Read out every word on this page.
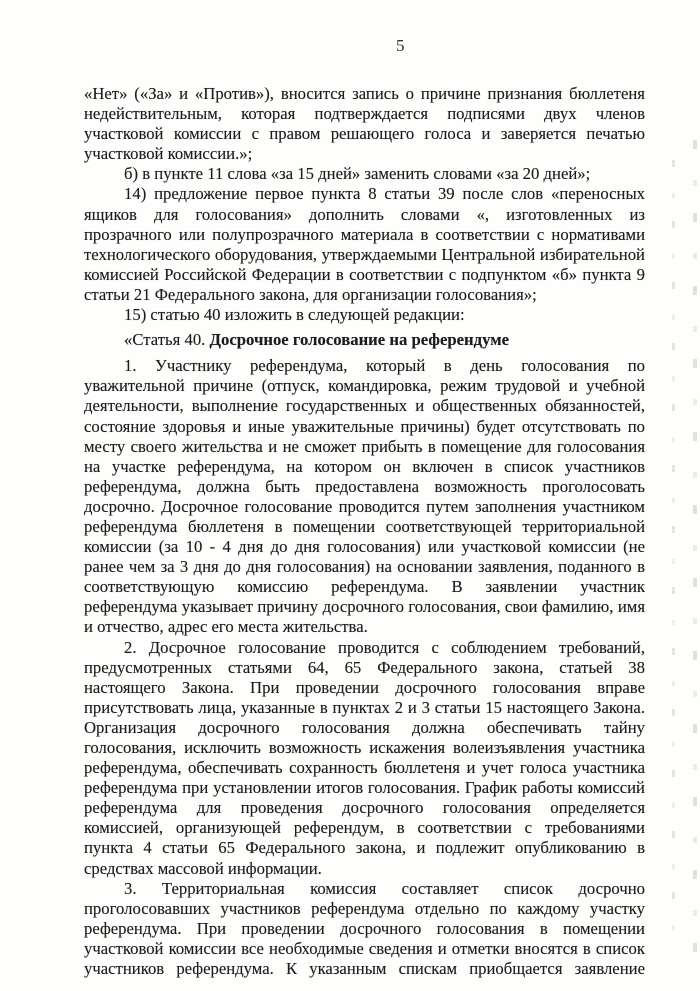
5

«Нет» («За» и «Против»), вносится запись о причине признания бюллетеня недействительным, которая подтверждается подписями двух членов участковой комиссии с правом решающего голоса и заверяется печатью участковой комиссии.»;

б) в пункте 11 слова «за 15 дней» заменить словами «за 20 дней»;

14) предложение первое пункта 8 статьи 39 после слов «переносных ящиков для голосования» дополнить словами «, изготовленных из прозрачного или полупрозрачного материала в соответствии с нормативами технологического оборудования, утверждаемыми Центральной избирательной комиссией Российской Федерации в соответствии с подпунктом «б» пункта 9 статьи 21 Федерального закона, для организации голосования»;

15) статью 40 изложить в следующей редакции:

«Статья 40. Досрочное голосование на референдуме

1. Участнику референдума, который в день голосования по уважительной причине (отпуск, командировка, режим трудовой и учебной деятельности, выполнение государственных и общественных обязанностей, состояние здоровья и иные уважительные причины) будет отсутствовать по месту своего жительства и не сможет прибыть в помещение для голосования на участке референдума, на котором он включен в список участников референдума, должна быть предоставлена возможность проголосовать досрочно. Досрочное голосование проводится путем заполнения участником референдума бюллетеня в помещении соответствующей территориальной комиссии (за 10 - 4 дня до дня голосования) или участковой комиссии (не ранее чем за 3 дня до дня голосования) на основании заявления, поданного в соответствующую комиссию референдума. В заявлении участник референдума указывает причину досрочного голосования, свои фамилию, имя и отчество, адрес его места жительства.

2. Досрочное голосование проводится с соблюдением требований, предусмотренных статьями 64, 65 Федерального закона, статьей 38 настоящего Закона. При проведении досрочного голосования вправе присутствовать лица, указанные в пунктах 2 и 3 статьи 15 настоящего Закона. Организация досрочного голосования должна обеспечивать тайну голосования, исключить возможность искажения волеизъявления участника референдума, обеспечивать сохранность бюллетеня и учет голоса участника референдума при установлении итогов голосования. График работы комиссий референдума для проведения досрочного голосования определяется комиссией, организующей референдум, в соответствии с требованиями пункта 4 статьи 65 Федерального закона, и подлежит опубликованию в средствах массовой информации.

3. Территориальная комиссия составляет список досрочно проголосовавших участников референдума отдельно по каждому участку референдума. При проведении досрочного голосования в помещении участковой комиссии все необходимые сведения и отметки вносятся в список участников референдума. К указанным спискам приобщается заявление
